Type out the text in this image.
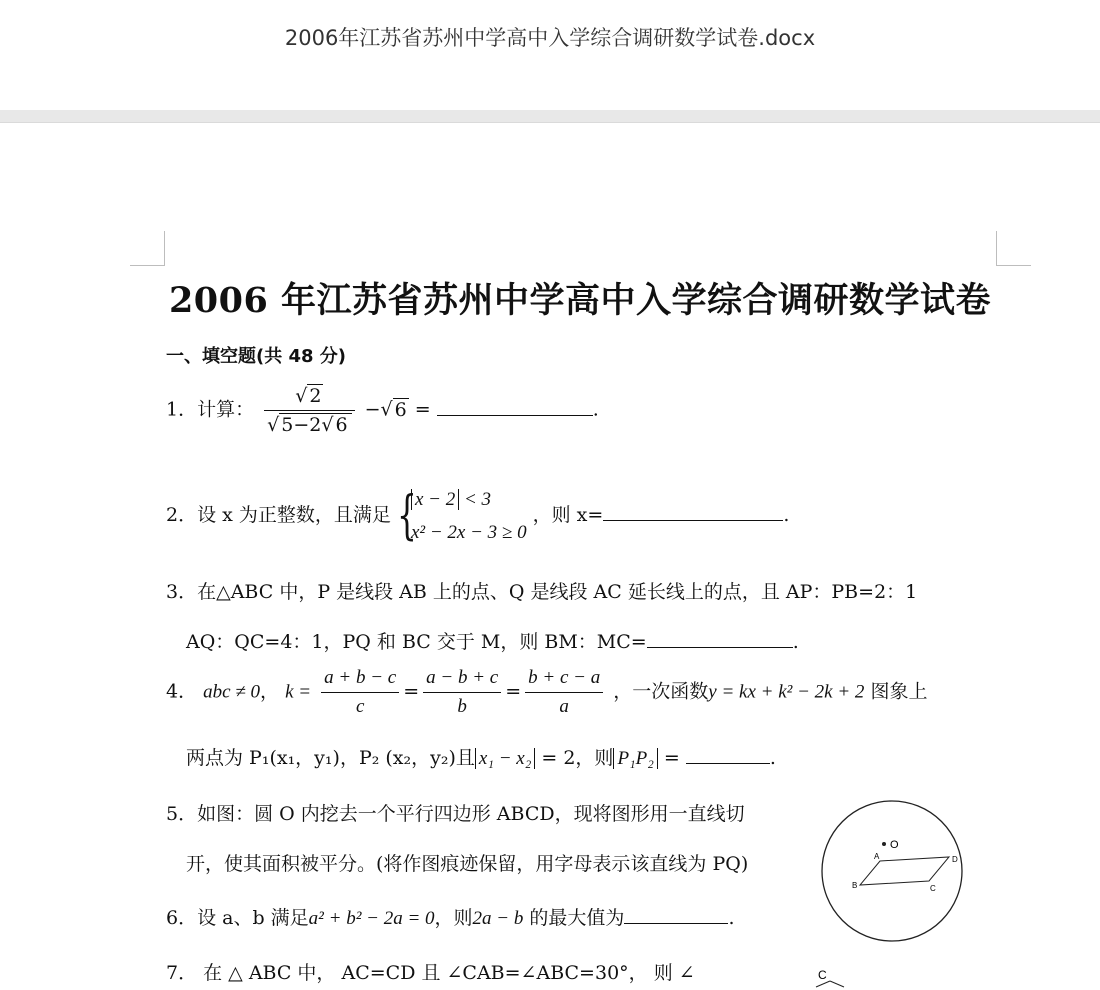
2006年江苏省苏州中学高中入学综合调研数学试卷.docx
2006 年江苏省苏州中学高中入学综合调研数学试卷
一、填空题(共 48 分)
1．计算： $\frac{√ 2}{√ 5-2√ 6}$ −√ 6 =	.
2．设 x 为正整数，且满足 {
x − 2 < 3
x² − 2x − 3 ≥ 0
，则 x=	.
3．在△ABC 中，P 是线段 AB 上的点、Q 是线段 AC 延长线上的点，且 AP：PB=2：1
AQ：QC=4：1，PQ 和 BC 交于 M，则 BM：MC=	.
4． abc ≠ 0， $k = \frac{a + b - c}{c} = \frac{a - b + c}{b} = \frac{b + c - a}{a}$ ，一次函数y = kx + k² − 2k + 2 图象上
两点为 P₁(x₁，y₁)，P₂ (x₂，y₂)且 x₁ − x₂ = 2，则 P₁P₂ =	.
5．如图：圆 O 内挖去一个平行四边形 ABCD，现将图形用一直线切
开，使其面积被平分。(将作图痕迹保留，用字母表示该直线为 PQ)
6．设 a、b 满足a² + b² − 2a = 0，则2a − b 的最大值为	.
7． 在 △ ABC 中， AC=CD 且 ∠CAB=∠ABC=30°， 则 ∠
O
A	D
B	C
C
